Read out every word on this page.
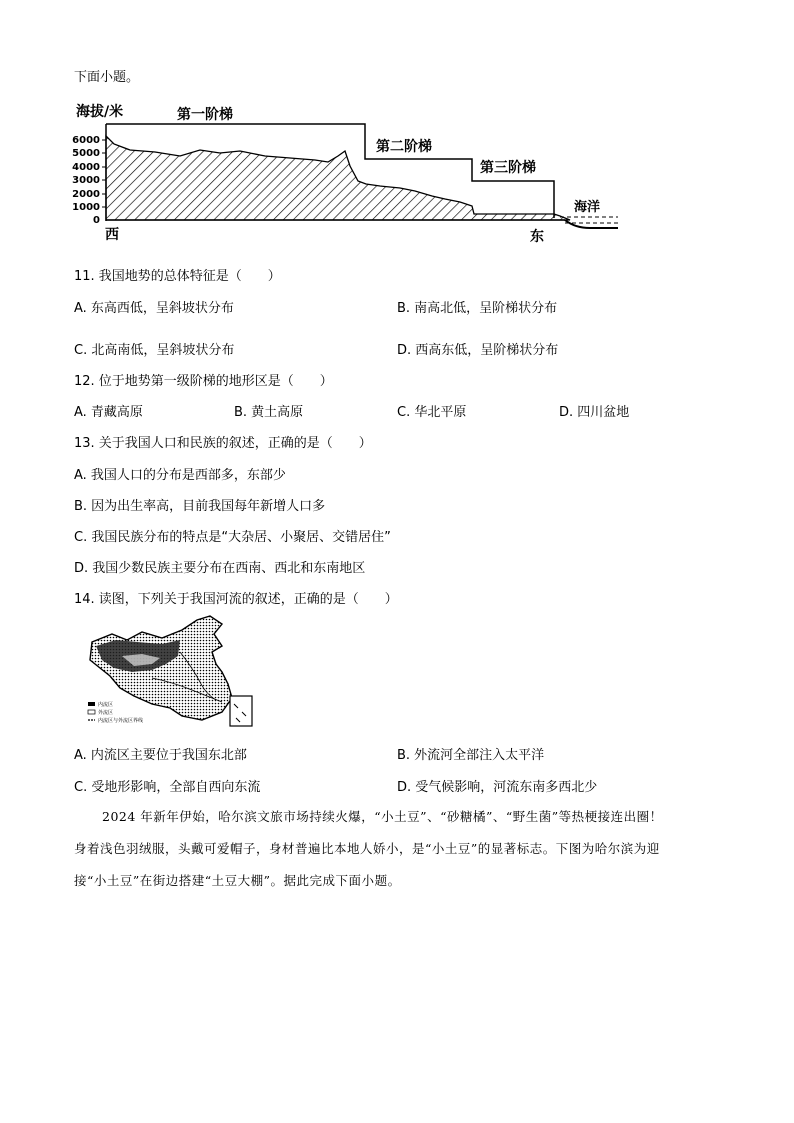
下面小题。
海拔/米
6000
5000
4000
3000
2000
1000
0
第一阶梯
第二阶梯
第三阶梯
海洋
西	东
11. 我国地势的总体特征是（　　）
A. 东高西低，呈斜坡状分布	B. 南高北低，呈阶梯状分布
C. 北高南低，呈斜坡状分布	D. 西高东低，呈阶梯状分布
12. 位于地势第一级阶梯的地形区是（　　）
A. 青藏高原	B. 黄土高原	C. 华北平原	D. 四川盆地
13. 关于我国人口和民族的叙述，正确的是（　　）
A. 我国人口的分布是西部多，东部少
B. 因为出生率高，目前我国每年新增人口多
C. 我国民族分布的特点是“大杂居、小聚居、交错居住”
D. 我国少数民族主要分布在西南、西北和东南地区
14. 读图，下列关于我国河流的叙述，正确的是（　　）
内流区
外流区
内流区与外流区界线
A. 内流区主要位于我国东北部	B. 外流河全部注入太平洋
C. 受地形影响，全部自西向东流	D. 受气候影响，河流东南多西北少
2024 年新年伊始，哈尔滨文旅市场持续火爆，“小土豆”、“砂糖橘”、“野生菌”等热梗接连出圈！
身着浅色羽绒服，头戴可爱帽子，身材普遍比本地人娇小，是“小土豆”的显著标志。下图为哈尔滨为迎
接“小土豆”在街边搭建“土豆大棚”。据此完成下面小题。
